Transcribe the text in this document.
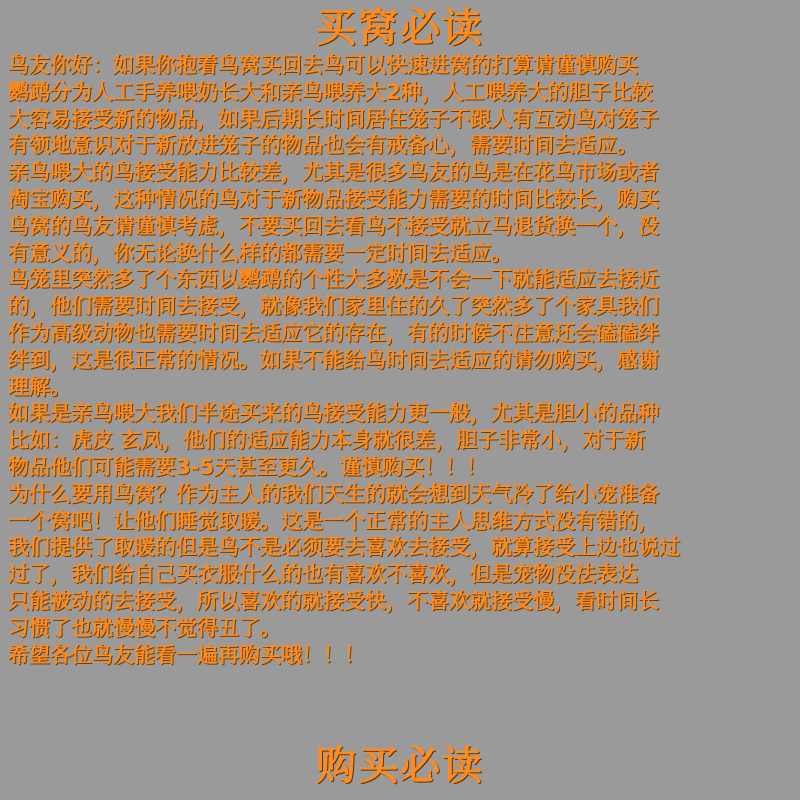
买窝必读
鸟友你好：如果你抱着鸟窝买回去鸟可以快速进窝的打算请谨慎购买
鹦鹉分为人工手养喂奶长大和亲鸟喂养大2种，人工喂养大的胆子比较
大容易接受新的物品，如果后期长时间居住笼子不跟人有互动鸟对笼子
有领地意识对于新放进笼子的物品也会有戒备心，需要时间去适应。
亲鸟喂大的鸟接受能力比较差，尤其是很多鸟友的鸟是在花鸟市场或者
淘宝购买，这种情况的鸟对于新物品接受能力需要的时间比较长，购买
鸟窝的鸟友请谨慎考虑，不要买回去看鸟不接受就立马退货换一个，没
有意义的，你无论换什么样的都需要一定时间去适应。
鸟笼里突然多了个东西以鹦鹉的个性大多数是不会一下就能适应去接近
的，他们需要时间去接受，就像我们家里住的久了突然多了个家具我们
作为高级动物也需要时间去适应它的存在，有的时候不注意还会磕磕绊
绊到，这是很正常的情况。如果不能给鸟时间去适应的请勿购买，感谢
理解。
如果是亲鸟喂大我们半途买来的鸟接受能力更一般，尤其是胆小的品种
比如：虎皮 玄凤，他们的适应能力本身就很差，胆子非常小，对于新
物品他们可能需要3-5天甚至更久。谨慎购买！！！
为什么要用鸟窝？作为主人的我们天生的就会想到天气冷了给小宠准备
一个窝吧！让他们睡觉取暖。这是一个正常的主人思维方式没有错的，
我们提供了取暖的但是鸟不是必须要去喜欢去接受，就算接受上边也说过
过了，我们给自己买衣服什么的也有喜欢不喜欢，但是宠物没法表达
只能被动的去接受，所以喜欢的就接受快，不喜欢就接受慢，看时间长
习惯了也就慢慢不觉得丑了。
希望各位鸟友能看一遍再购买哦！！！
购买必读
